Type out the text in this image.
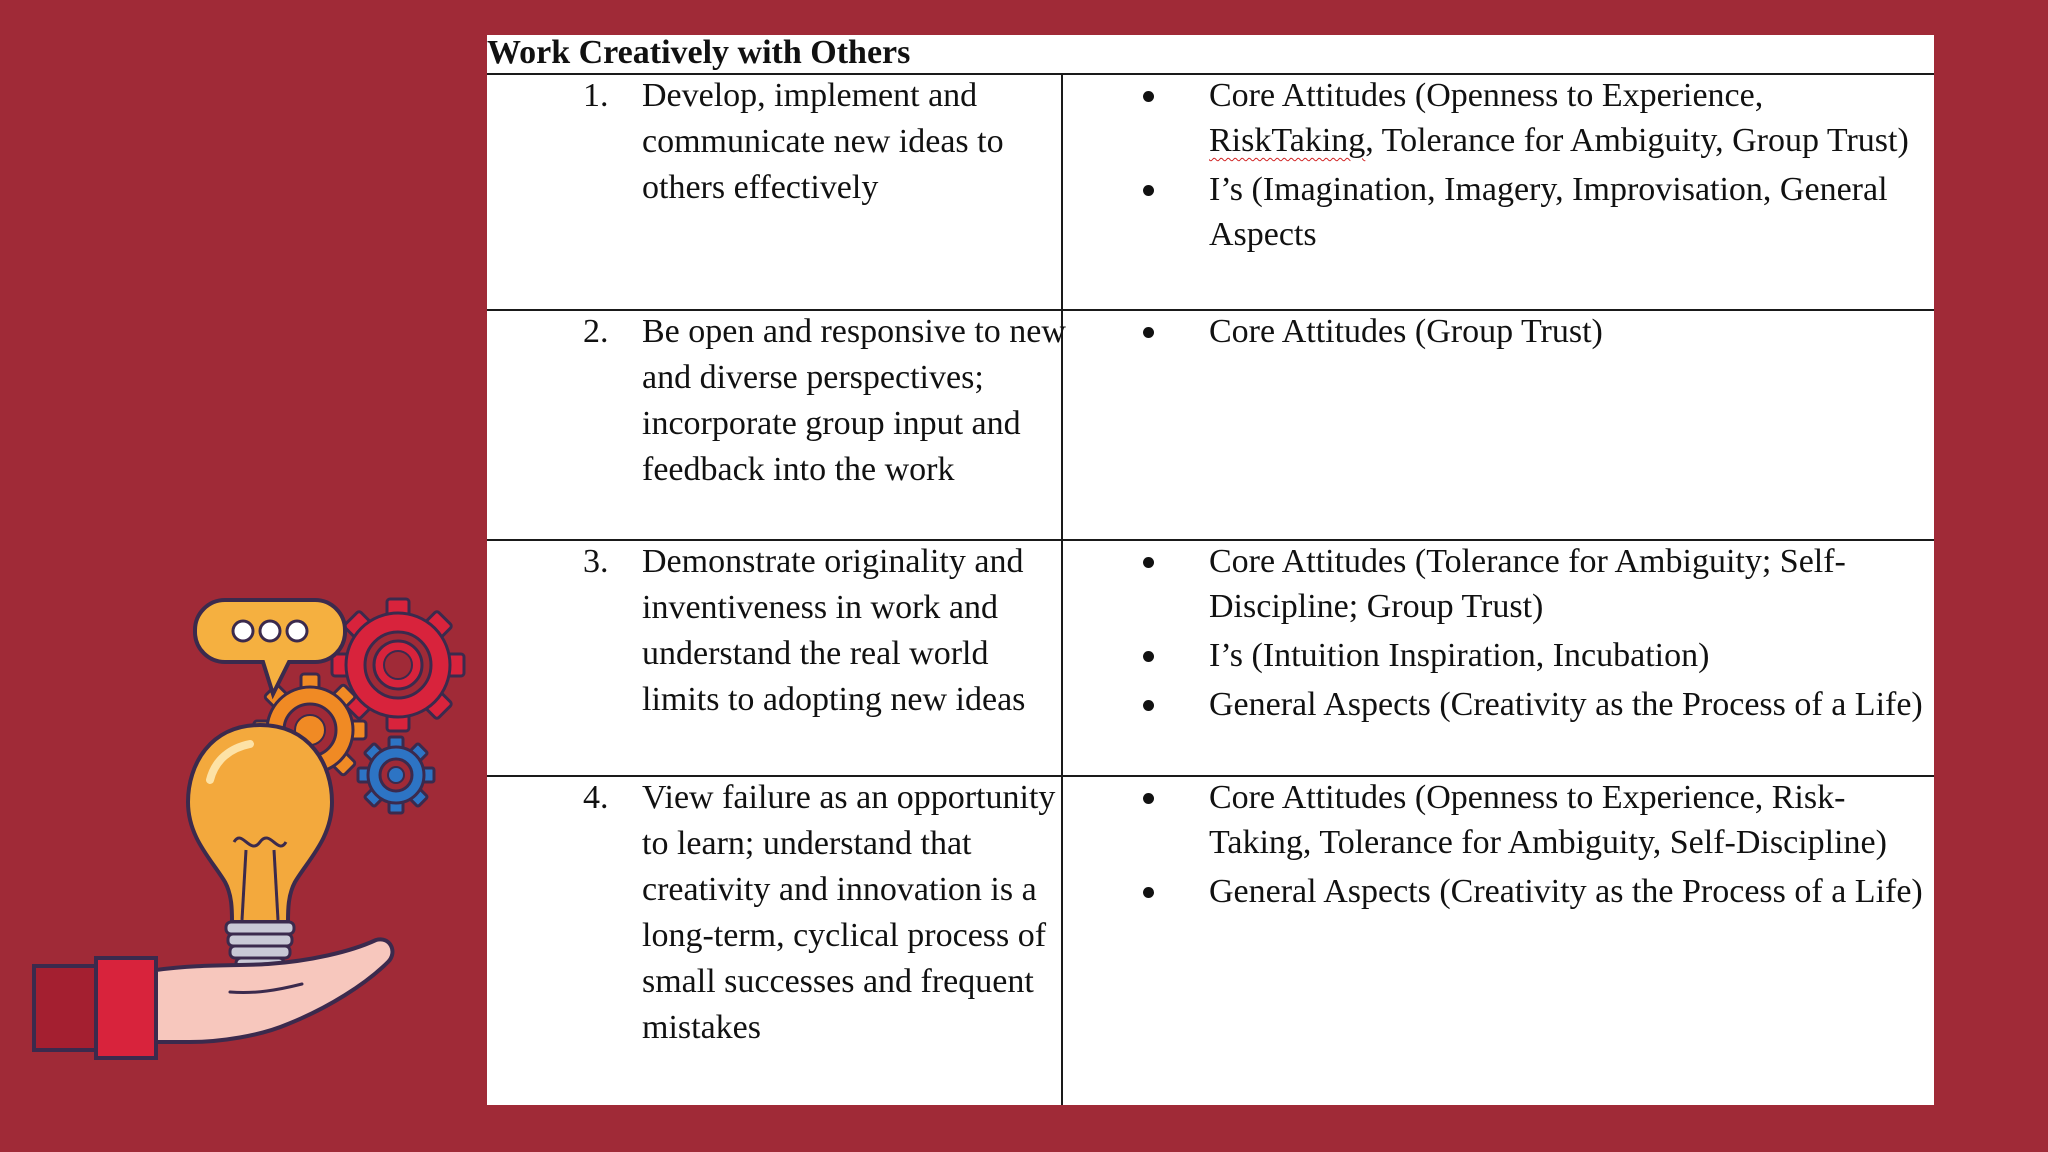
Work Creatively with Others
1. Develop, implement and communicate new ideas to others effectively
Core Attitudes (Openness to Experience, RiskTaking, Tolerance for Ambiguity, Group Trust)
I’s (Imagination, Imagery, Improvisation, General Aspects
2. Be open and responsive to new and diverse perspectives; incorporate group input and feedback into the work
Core Attitudes (Group Trust)
3. Demonstrate originality and inventiveness in work and understand the real world limits to adopting new ideas
Core Attitudes (Tolerance for Ambiguity; Self-Discipline; Group Trust)
I’s (Intuition Inspiration, Incubation)
General Aspects (Creativity as the Process of a Life)
4. View failure as an opportunity to learn; understand that creativity and innovation is a long-term, cyclical process of small successes and frequent mistakes
Core Attitudes (Openness to Experience, Risk-Taking, Tolerance for Ambiguity, Self-Discipline)
General Aspects (Creativity as the Process of a Life)
